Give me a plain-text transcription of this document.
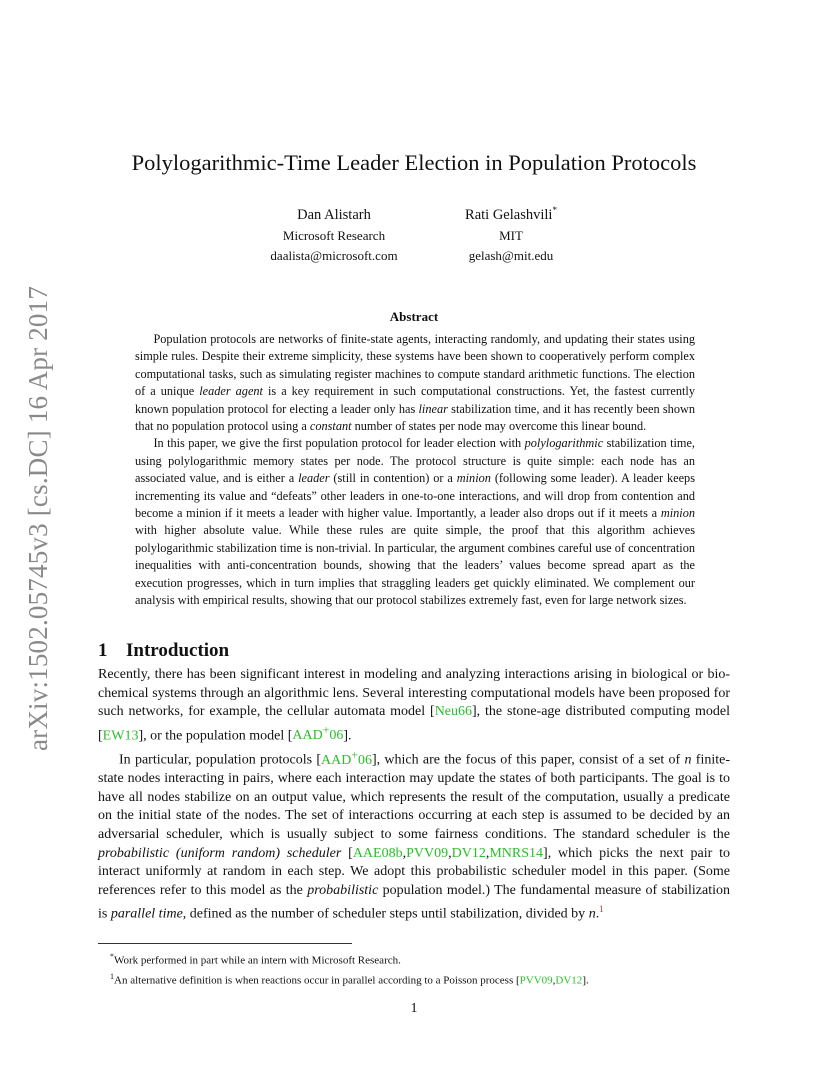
arXiv:1502.05745v3 [cs.DC] 16 Apr 2017
Polylogarithmic-Time Leader Election in Population Protocols
Dan Alistarh
Microsoft Research
daalista@microsoft.com
Rati Gelashvili*
MIT
gelash@mit.edu
Abstract

Population protocols are networks of finite-state agents, interacting randomly, and updating their states using simple rules. Despite their extreme simplicity, these systems have been shown to cooperatively perform complex computational tasks, such as simulating register machines to compute standard arithmetic functions. The election of a unique leader agent is a key requirement in such computational constructions. Yet, the fastest currently known population protocol for electing a leader only has linear stabilization time, and it has recently been shown that no population protocol using a constant number of states per node may overcome this linear bound.

In this paper, we give the first population protocol for leader election with polylogarithmic stabilization time, using polylogarithmic memory states per node. The protocol structure is quite simple: each node has an associated value, and is either a leader (still in contention) or a minion (following some leader). A leader keeps incrementing its value and “defeats” other leaders in one-to-one interactions, and will drop from contention and become a minion if it meets a leader with higher value. Importantly, a leader also drops out if it meets a minion with higher absolute value. While these rules are quite simple, the proof that this algorithm achieves polylogarithmic stabilization time is non-trivial. In particular, the argument combines careful use of concentration inequalities with anti-concentration bounds, showing that the leaders’ values become spread apart as the execution progresses, which in turn implies that straggling leaders get quickly eliminated. We complement our analysis with empirical results, showing that our protocol stabilizes extremely fast, even for large network sizes.

1 Introduction

Recently, there has been significant interest in modeling and analyzing interactions arising in biological or bio-chemical systems through an algorithmic lens. Several interesting computational models have been proposed for such networks, for example, the cellular automata model [Neu66], the stone-age distributed computing model [EW13], or the population model [AAD+06].

In particular, population protocols [AAD+06], which are the focus of this paper, consist of a set of n finite-state nodes interacting in pairs, where each interaction may update the states of both participants. The goal is to have all nodes stabilize on an output value, which represents the result of the computation, usually a predicate on the initial state of the nodes. The set of interactions occurring at each step is assumed to be decided by an adversarial scheduler, which is usually subject to some fairness conditions. The standard scheduler is the probabilistic (uniform random) scheduler [AAE08b,PVV09,DV12,MNRS14], which picks the next pair to interact uniformly at random in each step. We adopt this probabilistic scheduler model in this paper. (Some references refer to this model as the probabilistic population model.) The fundamental measure of stabilization is parallel time, defined as the number of scheduler steps until stabilization, divided by n.$^1$

*Work performed in part while an intern with Microsoft Research.
$^1$An alternative definition is when reactions occur in parallel according to a Poisson process [PVV09,DV12].
1
